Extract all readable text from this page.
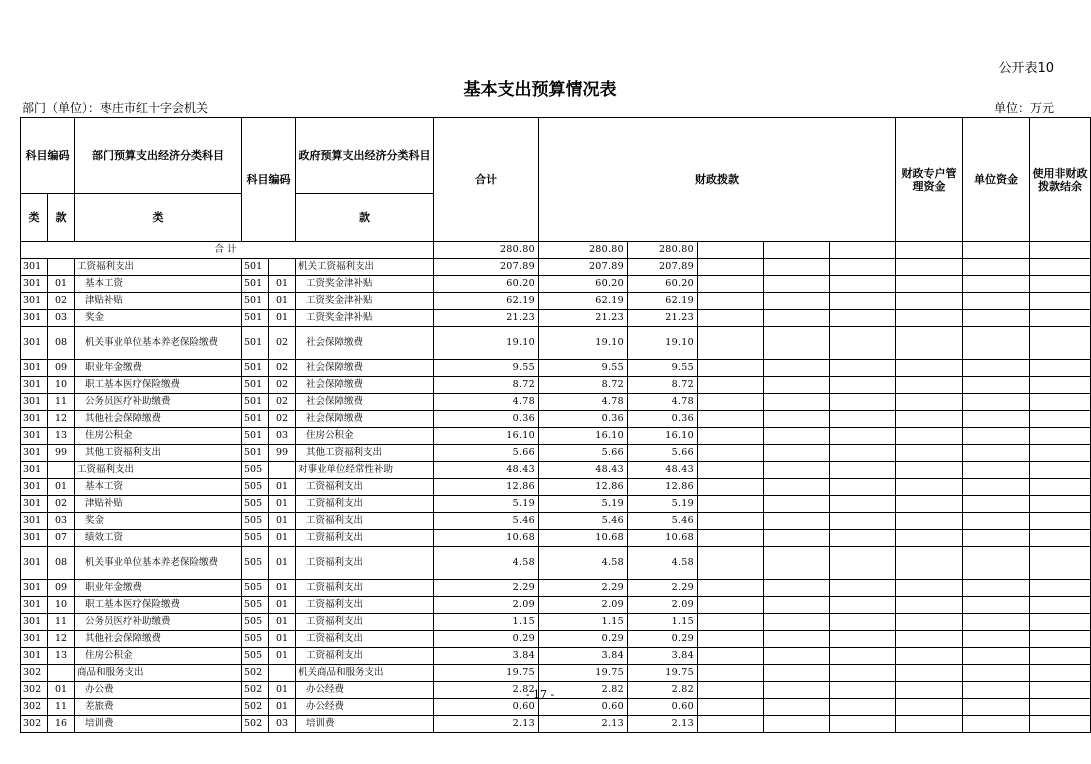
公开表10
基本支出预算情况表
部门（单位）：枣庄市红十字会机关	单位：万元
科目编码		部门预算支出经济分类科目	科目编码		政府预算支出经济分类科目	合计	财政拨款					财政专户管理资金	单位资金	使用非财政拨款结余	

类	款	类			款										
合计						280.80	280.80	280.80							
301		工资福利支出	501		机关工资福利支出	207.89	207.89	207.89							
301	01	基本工资	501	01	工资奖金津补贴	60.20	60.20	60.20							
301	02	津贴补贴	501	01	工资奖金津补贴	62.19	62.19	62.19							
301	03	奖金	501	01	工资奖金津补贴	21.23	21.23	21.23							
301	08	机关事业单位基本养老保险缴费	501	02	社会保障缴费	19.10	19.10	19.10							
301	09	职业年金缴费	501	02	社会保障缴费	9.55	9.55	9.55							
301	10	职工基本医疗保险缴费	501	02	社会保障缴费	8.72	8.72	8.72							
301	11	公务员医疗补助缴费	501	02	社会保障缴费	4.78	4.78	4.78							
301	12	其他社会保障缴费	501	02	社会保障缴费	0.36	0.36	0.36							
301	13	住房公积金	501	03	住房公积金	16.10	16.10	16.10							
301	99	其他工资福利支出	501	99	其他工资福利支出	5.66	5.66	5.66							
301		工资福利支出	505		对事业单位经常性补助	48.43	48.43	48.43							
301	01	基本工资	505	01	工资福利支出	12.86	12.86	12.86							
301	02	津贴补贴	505	01	工资福利支出	5.19	5.19	5.19							
301	03	奖金	505	01	工资福利支出	5.46	5.46	5.46							
301	07	绩效工资	505	01	工资福利支出	10.68	10.68	10.68							
301	08	机关事业单位基本养老保险缴费	505	01	工资福利支出	4.58	4.58	4.58							
301	09	职业年金缴费	505	01	工资福利支出	2.29	2.29	2.29							
301	10	职工基本医疗保险缴费	505	01	工资福利支出	2.09	2.09	2.09							
301	11	公务员医疗补助缴费	505	01	工资福利支出	1.15	1.15	1.15							
301	12	其他社会保障缴费	505	01	工资福利支出	0.29	0.29	0.29							
301	13	住房公积金	505	01	工资福利支出	3.84	3.84	3.84							
302		商品和服务支出	502		机关商品和服务支出	19.75	19.75	19.75							
302	01	办公费	502	01	办公经费	2.82	2.82	2.82							
302	11	差旅费	502	01	办公经费	0.60	0.60	0.60							
302	16	培训费	502	03	培训费	2.13	2.13	2.13							
- 17 -
